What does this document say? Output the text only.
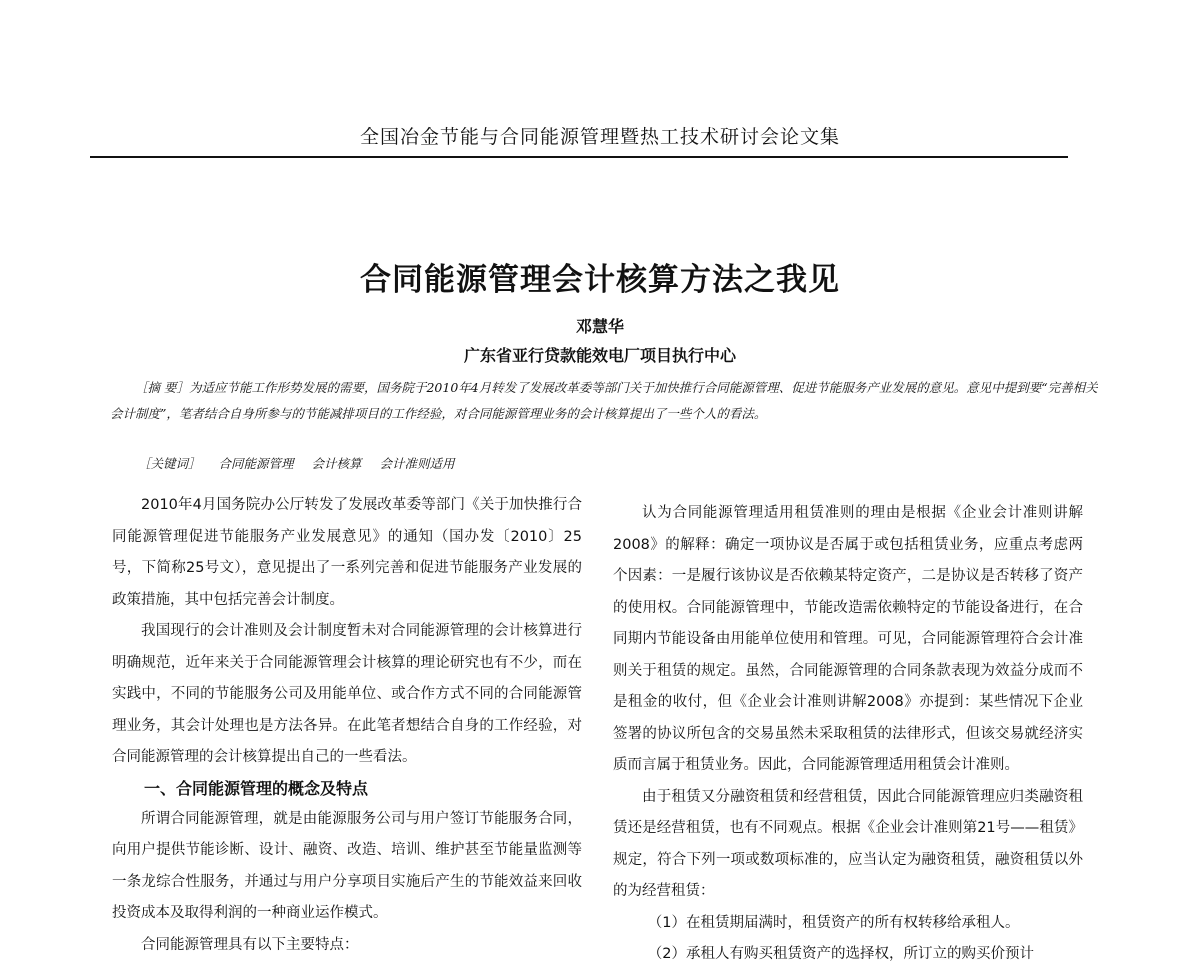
全国冶金节能与合同能源管理暨热工技术研讨会论文集
合同能源管理会计核算方法之我见
邓慧华
广东省亚行贷款能效电厂项目执行中心
［摘 要］为适应节能工作形势发展的需要，国务院于2010年4月转发了发展改革委等部门关于加快推行合同能源管理、促进节能服务产业发展的意见。意见中提到要“完善相关会计制度”，笔者结合自身所参与的节能减排项目的工作经验，对合同能源管理业务的会计核算提出了一些个人的看法。
［关键词］ 合同能源管理 会计核算 会计准则适用

2010年4月国务院办公厅转发了发展改革委等部门《关于加快推行合同能源管理促进节能服务产业发展意见》的通知（国办发〔2010〕25号，下简称25号文），意见提出了一系列完善和促进节能服务产业发展的政策措施，其中包括完善会计制度。

我国现行的会计准则及会计制度暂未对合同能源管理的会计核算进行明确规范，近年来关于合同能源管理会计核算的理论研究也有不少，而在实践中，不同的节能服务公司及用能单位、或合作方式不同的合同能源管理业务，其会计处理也是方法各异。在此笔者想结合自身的工作经验，对合同能源管理的会计核算提出自己的一些看法。

一、合同能源管理的概念及特点

所谓合同能源管理，就是由能源服务公司与用户签订节能服务合同，向用户提供节能诊断、设计、融资、改造、培训、维护甚至节能量监测等一条龙综合性服务，并通过与用户分享项目实施后产生的节能效益来回收投资成本及取得利润的一种商业运作模式。

合同能源管理具有以下主要特点：

认为合同能源管理适用租赁准则的理由是根据《企业会计准则讲解2008》的解释：确定一项协议是否属于或包括租赁业务，应重点考虑两个因素：一是履行该协议是否依赖某特定资产，二是协议是否转移了资产的使用权。合同能源管理中，节能改造需依赖特定的节能设备进行，在合同期内节能设备由用能单位使用和管理。可见，合同能源管理符合会计准则关于租赁的规定。虽然，合同能源管理的合同条款表现为效益分成而不是租金的收付，但《企业会计准则讲解2008》亦提到：某些情况下企业签署的协议所包含的交易虽然未采取租赁的法律形式，但该交易就经济实质而言属于租赁业务。因此，合同能源管理适用租赁会计准则。

由于租赁又分融资租赁和经营租赁，因此合同能源管理应归类融资租赁还是经营租赁，也有不同观点。根据《企业会计准则第21号——租赁》规定，符合下列一项或数项标准的，应当认定为融资租赁，融资租赁以外的为经营租赁：

（1）在租赁期届满时，租赁资产的所有权转移给承租人。

（2）承租人有购买租赁资产的选择权，所订立的购买价预计
